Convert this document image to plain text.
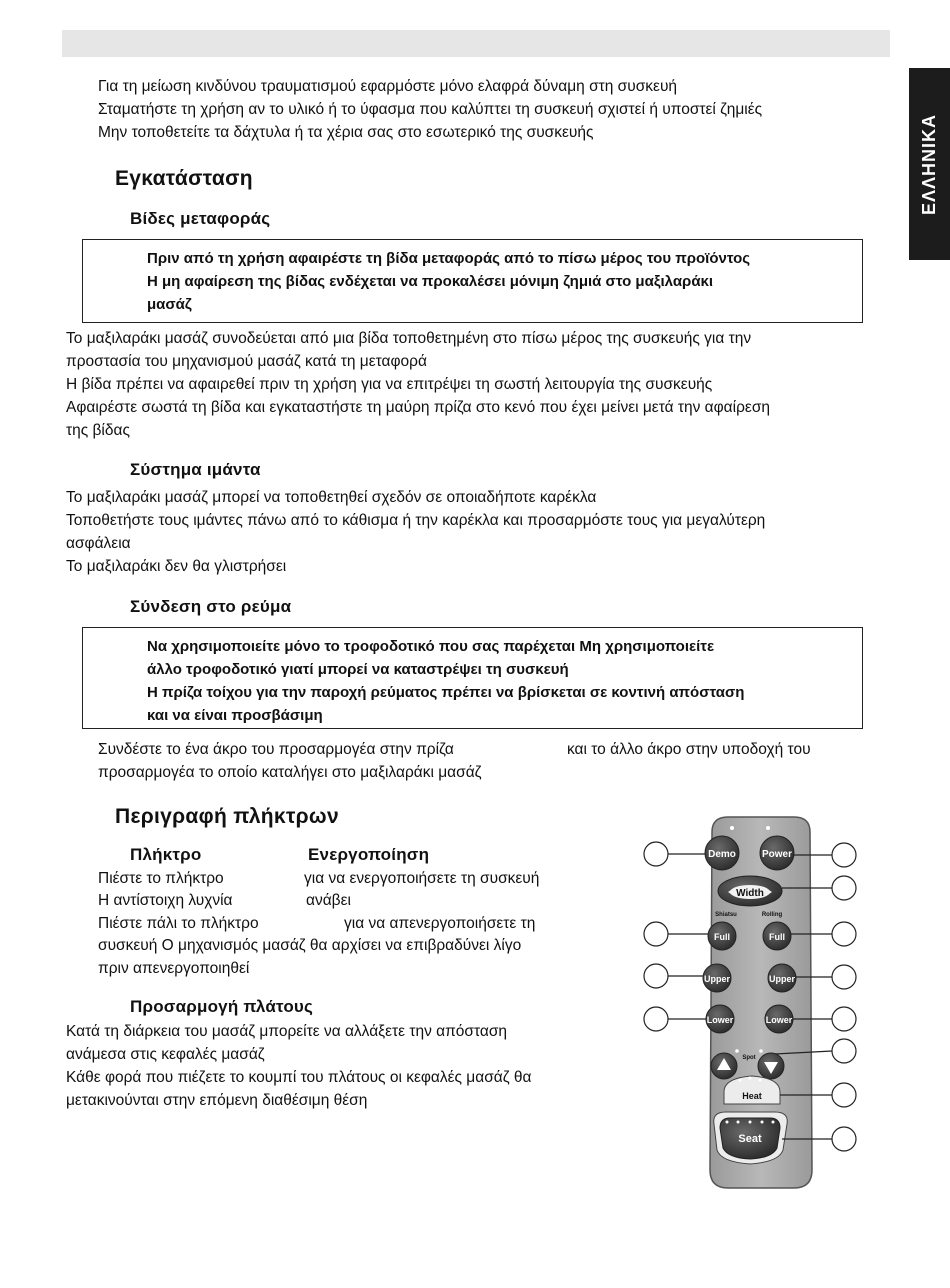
ΕΛΛΗΝΙΚΑ
Για τη μείωση κινδύνου τραυματισμού εφαρμόστε μόνο ελαφρά δύναμη στη συσκευή
Σταματήστε τη χρήση αν το υλικό ή το ύφασμα που καλύπτει τη συσκευή σχιστεί ή υποστεί ζημιές
Μην τοποθετείτε τα δάχτυλα ή τα χέρια σας στο εσωτερικό της συσκευής
Εγκατάσταση
Βίδες μεταφοράς
Πριν από τη χρήση αφαιρέστε τη βίδα μεταφοράς από το πίσω μέρος του προϊόντος
Η μη αφαίρεση της βίδας ενδέχεται να προκαλέσει μόνιμη ζημιά στο μαξιλαράκι
μασάζ
Το μαξιλαράκι μασάζ συνοδεύεται από μια βίδα τοποθετημένη στο πίσω μέρος της συσκευής για την
προστασία του μηχανισμού μασάζ κατά τη μεταφορά
Η βίδα πρέπει να αφαιρεθεί πριν τη χρήση για να επιτρέψει τη σωστή λειτουργία της συσκευής
Αφαιρέστε σωστά τη βίδα και εγκαταστήστε τη μαύρη πρίζα στο κενό που έχει μείνει μετά την αφαίρεση
της βίδας
Σύστημα ιμάντα
Το μαξιλαράκι μασάζ μπορεί να τοποθετηθεί σχεδόν σε οποιαδήποτε καρέκλα
Τοποθετήστε τους ιμάντες πάνω από το κάθισμα ή την καρέκλα και προσαρμόστε τους για μεγαλύτερη
ασφάλεια
Το μαξιλαράκι δεν θα γλιστρήσει
Σύνδεση στο ρεύμα
Να χρησιμοποιείτε μόνο το τροφοδοτικό που σας παρέχεται Μη χρησιμοποιείτε
άλλο τροφοδοτικό γιατί μπορεί να καταστρέψει τη συσκευή
Η πρίζα τοίχου για την παροχή ρεύματος πρέπει να βρίσκεται σε κοντινή απόσταση
και να είναι προσβάσιμη
Συνδέστε το ένα άκρο του προσαρμογέα στην πρίζα	και το άλλο άκρο στην υποδοχή του
προσαρμογέα το οποίο καταλήγει στο μαξιλαράκι μασάζ
Περιγραφή πλήκτρων
Πλήκτρο	Ενεργοποίηση
Πιέστε το πλήκτρο	για να ενεργοποιήσετε τη συσκευή
Η αντίστοιχη λυχνία	ανάβει
Πιέστε πάλι το πλήκτρο	για να απενεργοποιήσετε τη
συσκευή Ο μηχανισμός μασάζ θα αρχίσει να επιβραδύνει λίγο
πριν απενεργοποιηθεί
Προσαρμογή πλάτους
Κατά τη διάρκεια του μασάζ μπορείτε να αλλάξετε την απόσταση
ανάμεσα στις κεφαλές μασάζ
Κάθε φορά που πιέζετε το κουμπί του πλάτους οι κεφαλές μασάζ θα
μετακινούνται στην επόμενη διαθέσιμη θέση
Demo	Power
Width
Shiatsu	Rolling
Full	Full
Upper	Upper
Lower	Lower
Spot
Heat
Seat
